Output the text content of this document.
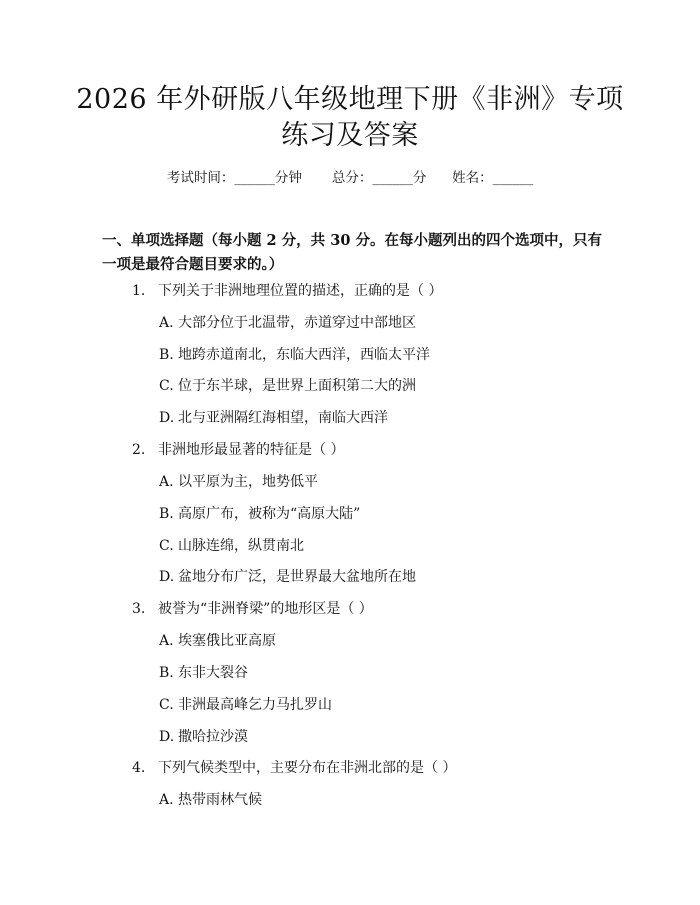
2026 年外研版八年级地理下册《非洲》专项
练习及答案
考试时间：______分钟 总分：______分 姓名：______
一、单项选择题（每小题 2 分，共 30 分。在每小题列出的四个选项中，只有一项是最符合题目要求的。）
1. 下列关于非洲地理位置的描述，正确的是（ ）
A. 大部分位于北温带，赤道穿过中部地区
B. 地跨赤道南北，东临大西洋，西临太平洋
C. 位于东半球，是世界上面积第二大的洲
D. 北与亚洲隔红海相望，南临大西洋
2. 非洲地形最显著的特征是（ ）
A. 以平原为主，地势低平
B. 高原广布，被称为“高原大陆”
C. 山脉连绵，纵贯南北
D. 盆地分布广泛，是世界最大盆地所在地
3. 被誉为“非洲脊梁”的地形区是（ ）
A. 埃塞俄比亚高原
B. 东非大裂谷
C. 非洲最高峰乞力马扎罗山
D. 撒哈拉沙漠
4. 下列气候类型中，主要分布在非洲北部的是（ ）
A. 热带雨林气候
